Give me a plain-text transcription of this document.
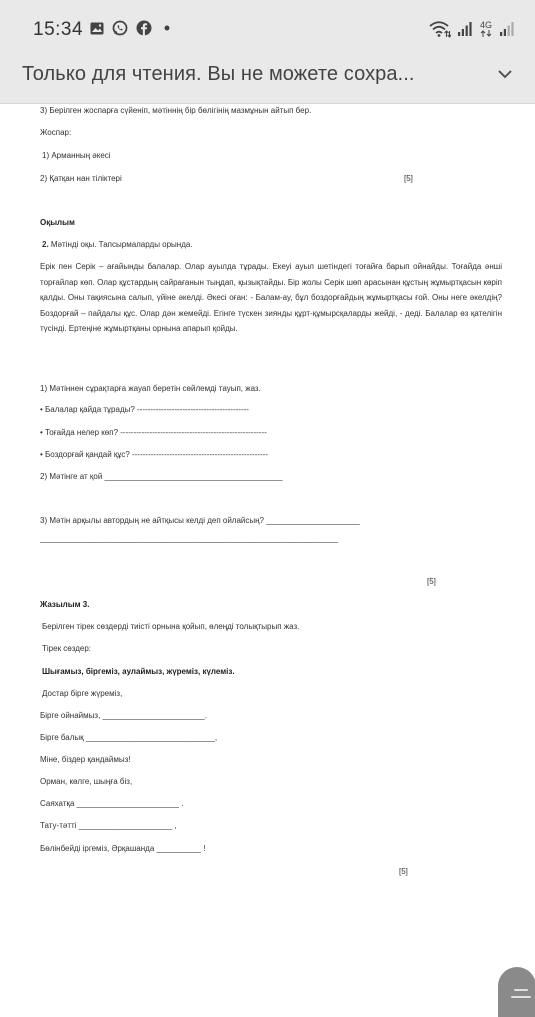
15:34	4G
Только для чтения. Вы не можете сохра...
3) Берілген жоспарға сүйеніп, мәтіннің бір бөлігінің мазмұнын айтып бер.
Жоспар:
1) Арманның әкесі
2) Қатқан нан тіліктері	[5]
Оқылым
2. Мәтінді оқы. Тапсырмаларды орында.
Ерік пен Серік – ағайынды балалар. Олар ауылда тұрады. Екеуі ауыл шетіндегі тоғайға барып ойнайды. Тоғайда әнші торғайлар көп. Олар құстардың сайрағанын тыңдап, қызықтайды. Бір жолы Серік шөп арасынан құстың жұмыртқасын көріп қалды. Оны тақиясына салып, үйіне әкелді. Әкесі оған: - Балам-ау, бұл боздорғайдың жұмыртқасы ғой. Оны неге әкелдің? Боздорғай – пайдалы құс. Олар дән жемейді. Егінге түскен зиянды құрт-құмырсқаларды жейді, - деді. Балалар өз қателігін түсінді. Ертеңіне жұмыртқаны орнына апарып қойды.
1) Мәтіннен сұрақтарға жауап беретін сөйлемді тауып, жаз.
• Балалар қайда тұрады? ------------------------------------------
• Тоғайда нелер көп? -------------------------------------------------------
• Боздорғай қандай құс? ---------------------------------------------------
2) Мәтінге ат қой ________________________________________
3) Мәтін арқылы автордың не айтқысы келді деп ойлайсың? _____________________
___________________________________________________________________
[5]
Жазылым 3.
Берілген тірек сөздерді тиісті орнына қойып, өлеңді толықтырып жаз.
Тірек сөздер:
Шығамыз, біргеміз, аулаймыз, жүреміз, күлеміз.
Достар бірге жүреміз,
Бірге ойнаймыз, _______________________.
Бірге балық _____________________________,
Міне, біздер қандаймыз!
Орман, көлге, шыңға біз,
Саяхатқа _______________________ .
Тату-тәтті _____________________ ,
Бөлінбейді іргеміз, Әрқашанда __________ !
[5]
